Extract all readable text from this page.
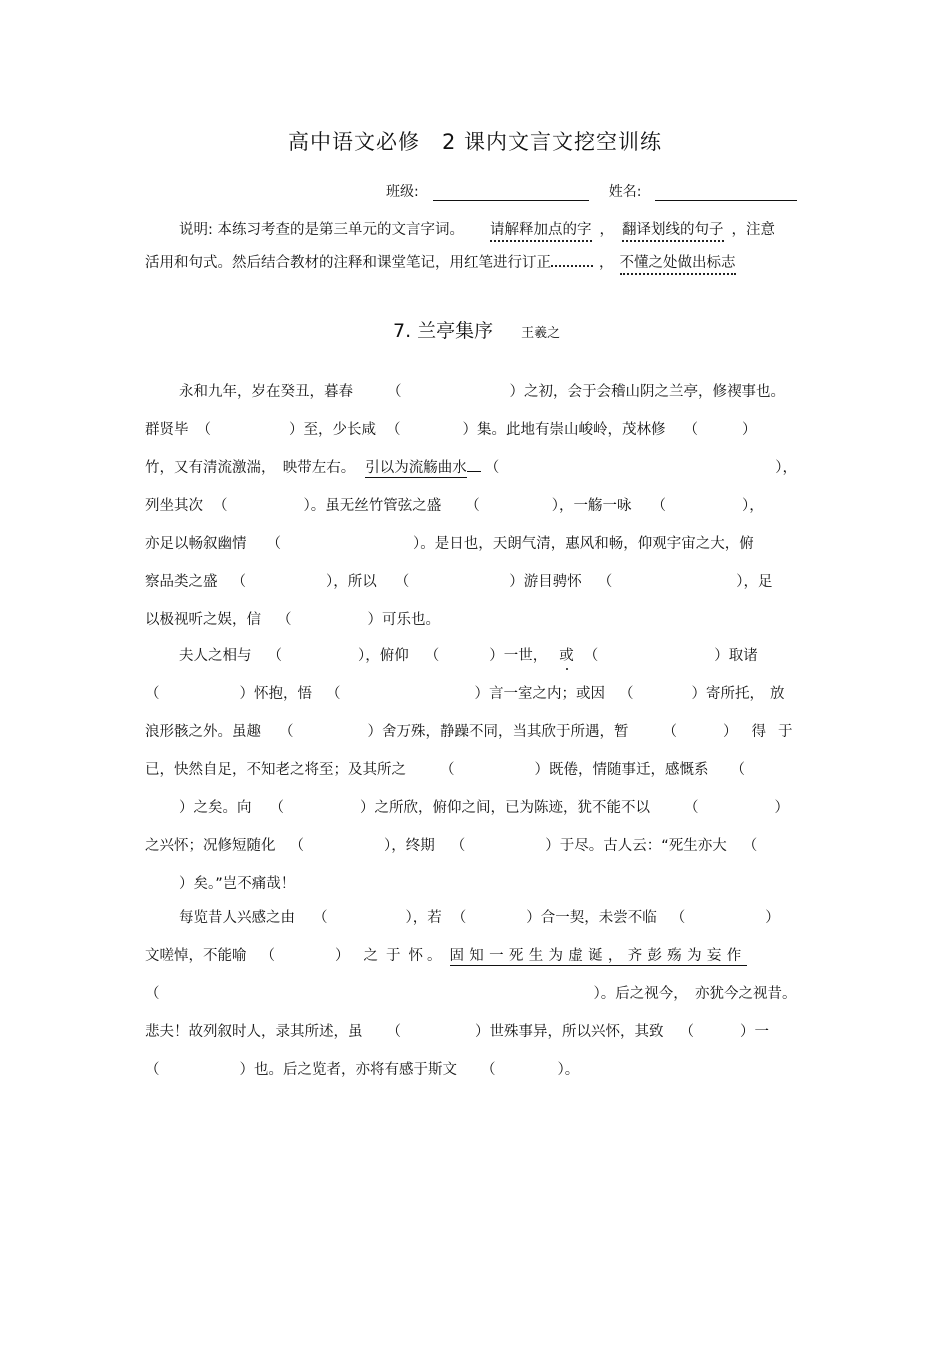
高中语文必修　2 课内文言文挖空训练
班级:	姓名:
说明: 本练习考查的是第三单元的文言字词。 请解释加点的字 ， 翻译划线的句子 ，注意
活用和句式。然后结合教材的注释和课堂笔记，用红笔进行订正	， 不懂之处做出标志
7. 兰亭集序 王羲之
永和九年，岁在癸丑，暮春 （	）之初，会于会稽山阴之兰亭，修禊事也。
群贤毕 （	）至，少长咸 （	）集。此地有崇山峻岭，茂林修 （	）
竹，又有清流激湍，　映带左右。 引以为流觞曲水 （	），
列坐其次 （	）。虽无丝竹管弦之盛 （	），一觞一咏 （	），
亦足以畅叙幽情 （	）。是日也，天朗气清，惠风和畅，仰观宇宙之大，俯
察品类之盛 （	），所以 （	）游目骋怀 （	），足
以极视听之娱，信 （	）可乐也。
夫人之相与 （	），俯仰 （	）一世， 或 （	）取诸
（	）怀抱，悟 （	）言一室之内；或因 （	）寄所托， 放
浪形骸之外。虽趣 （	）舍万殊，静躁不同，当其欣于所遇，暂 （	） 得 于
已，快然自足，不知老之将至；及其所之 （	）既倦，情随事迁，感慨系 （
）之矣。向 （	）之所欣，俯仰之间，已为陈迹，犹不能不以 （	）
之兴怀；况修短随化 （	），终期 （	）于尽。古人云：“死生亦大 （
）矣。”岂不痛哉！
每览昔人兴感之由 （	），若 （	）合一契，未尝不临 （	）
文嗟悼，不能喻 （	） 之 于 怀 。 固知一死生为虚诞，齐彭殇为妄作
（	）。后之视今，　亦犹今之视昔。
悲夫！故列叙时人，录其所述，虽 （	）世殊事异，所以兴怀，其致 （	）一
（	）也。后之览者，亦将有感于斯文 （	）。
